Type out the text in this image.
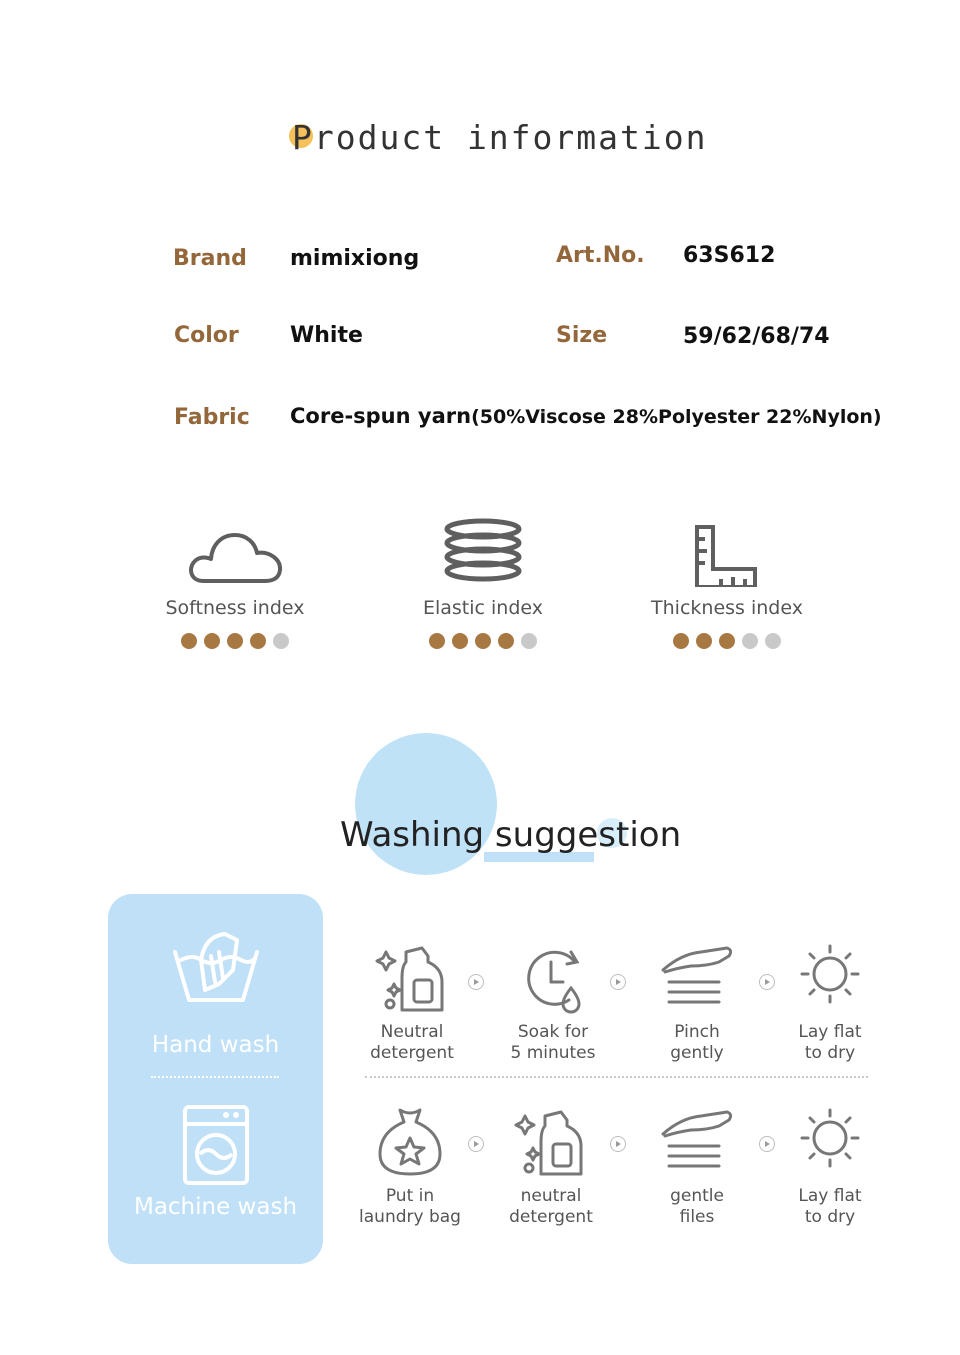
Product information
Brand mimixiong	Art.No. 63S612
Color White	Size	59/62/68/74
Fabric Core-spun yarn(50%Viscose 28%Polyester 22%Nylon)
Softness index	Elastic index	Thickness index
Washing suggestion
Hand wash
Machine wash
Neutral
detergent
Soak for
5 minutes
Pinch
gently
Lay flat
to dry
Put in
laundry bag
neutral
detergent
gentle
files
Lay flat
to dry
